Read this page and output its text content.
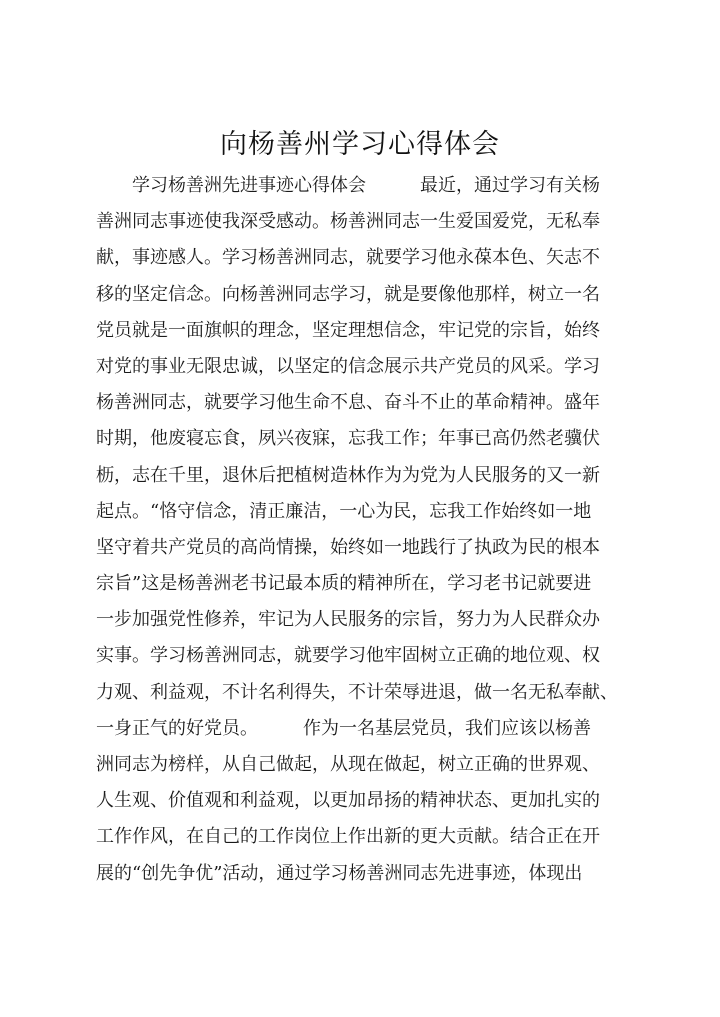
向杨善州学习心得体会
　　学习杨善洲先进事迹心得体会　　　最近，通过学习有关杨
善洲同志事迹使我深受感动。杨善洲同志一生爱国爱党，无私奉
献，事迹感人。学习杨善洲同志，就要学习他永葆本色、矢志不
移的坚定信念。向杨善洲同志学习，就是要像他那样，树立一名
党员就是一面旗帜的理念，坚定理想信念，牢记党的宗旨，始终
对党的事业无限忠诚，以坚定的信念展示共产党员的风采。学习
杨善洲同志，就要学习他生命不息、奋斗不止的革命精神。盛年
时期，他废寝忘食，夙兴夜寐，忘我工作；年事已高仍然老骥伏
枥，志在千里，退休后把植树造林作为为党为人民服务的又一新
起点。“恪守信念，清正廉洁，一心为民，忘我工作始终如一地
坚守着共产党员的高尚情操，始终如一地践行了执政为民的根本
宗旨”这是杨善洲老书记最本质的精神所在，学习老书记就要进
一步加强党性修养，牢记为人民服务的宗旨，努力为人民群众办
实事。学习杨善洲同志，就要学习他牢固树立正确的地位观、权
力观、利益观，不计名利得失，不计荣辱进退，做一名无私奉献、
一身正气的好党员。　　　作为一名基层党员，我们应该以杨善
洲同志为榜样，从自己做起，从现在做起，树立正确的世界观、
人生观、价值观和利益观，以更加昂扬的精神状态、更加扎实的
工作作风，在自己的工作岗位上作出新的更大贡献。结合正在开
展的“创先争优”活动，通过学习杨善洲同志先进事迹，体现出
